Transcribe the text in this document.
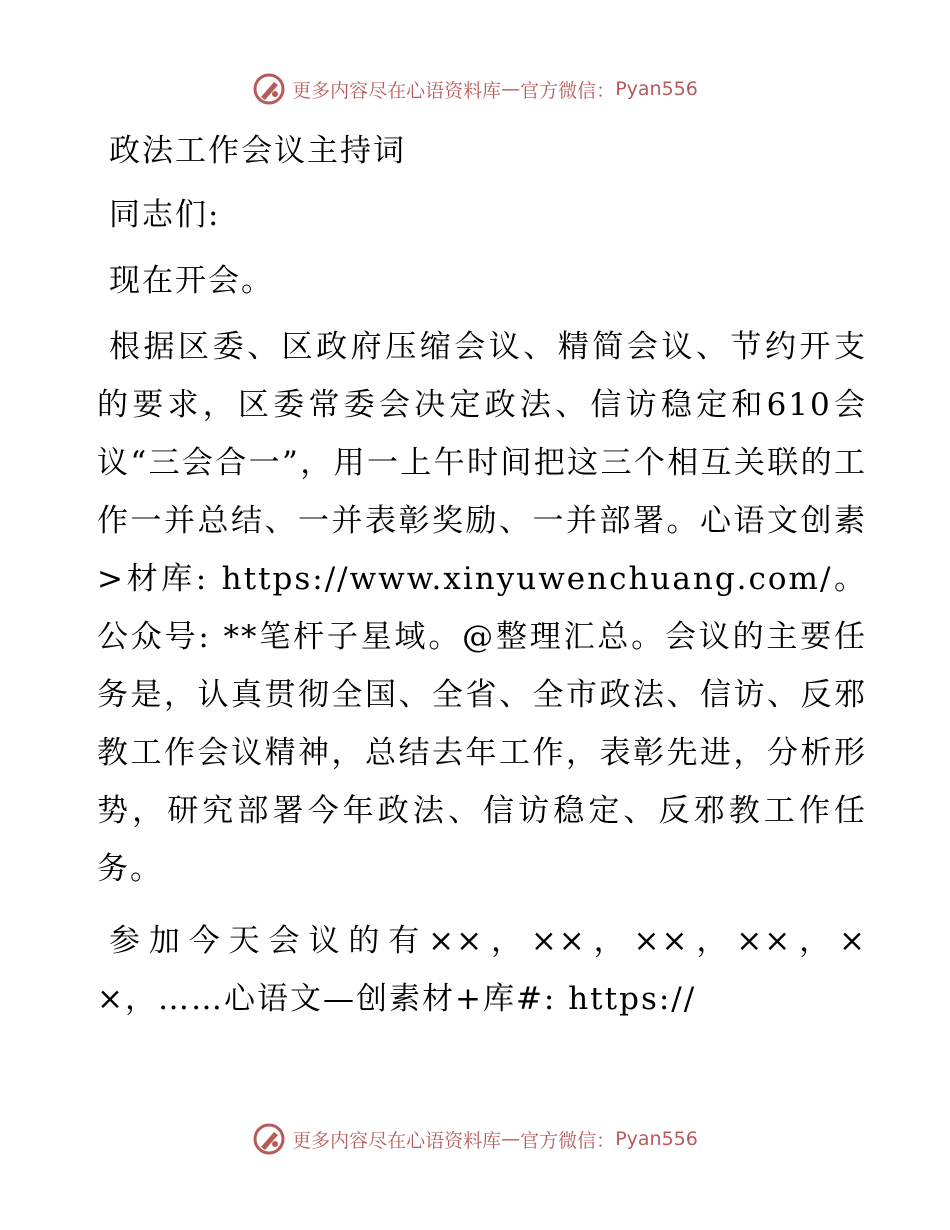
更多内容尽在心语资料库 — 官方微信： Pyan556

政法工作会议主持词

同志们:

现在开会。

根据区委、区政府压缩会议、精简会议、节约开支的要求，区委常委会决定政法、信访稳定和610会议“三会合一”，用一上午时间把这三个相互关联的工作一并总结、一并表彰奖励、一并部署。心语文创素>材库: https://www.xinyuwenchuang.com/。公众号: **笔杆子星域。@整理汇总。会议的主要任务是，认真贯彻全国、全省、全市政法、信访、反邪教工作会议精神，总结去年工作，表彰先进，分析形势，研究部署今年政法、信访稳定、反邪教工作任务。

参加今天会议的有××，××，××，××，××，……心语文—创素材+库#: https://

更多内容尽在心语资料库 — 官方微信： Pyan556
